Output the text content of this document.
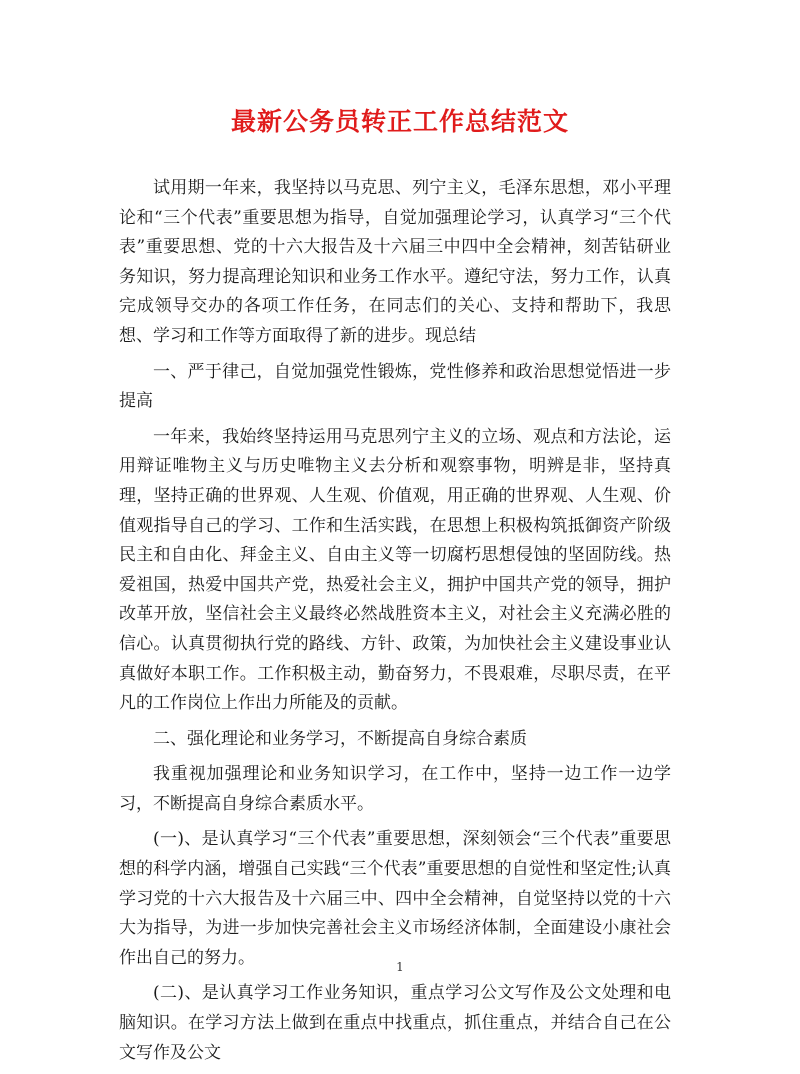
最新公务员转正工作总结范文

试用期一年来，我坚持以马克思、列宁主义，毛泽东思想，邓小平理论和“三个代表”重要思想为指导，自觉加强理论学习，认真学习“三个代表”重要思想、党的十六大报告及十六届三中四中全会精神，刻苦钻研业务知识，努力提高理论知识和业务工作水平。遵纪守法，努力工作，认真完成领导交办的各项工作任务，在同志们的关心、支持和帮助下，我思想、学习和工作等方面取得了新的进步。现总结

一、严于律己，自觉加强党性锻炼，党性修养和政治思想觉悟进一步提高

一年来，我始终坚持运用马克思列宁主义的立场、观点和方法论，运用辩证唯物主义与历史唯物主义去分析和观察事物，明辨是非，坚持真理，坚持正确的世界观、人生观、价值观，用正确的世界观、人生观、价值观指导自己的学习、工作和生活实践，在思想上积极构筑抵御资产阶级民主和自由化、拜金主义、自由主义等一切腐朽思想侵蚀的坚固防线。热爱祖国，热爱中国共产党，热爱社会主义，拥护中国共产党的领导，拥护改革开放，坚信社会主义最终必然战胜资本主义，对社会主义充满必胜的信心。认真贯彻执行党的路线、方针、政策，为加快社会主义建设事业认真做好本职工作。工作积极主动，勤奋努力，不畏艰难，尽职尽责，在平凡的工作岗位上作出力所能及的贡献。

二、强化理论和业务学习，不断提高自身综合素质

我重视加强理论和业务知识学习，在工作中，坚持一边工作一边学习，不断提高自身综合素质水平。

(一)、是认真学习“三个代表”重要思想，深刻领会“三个代表”重要思想的科学内涵，增强自己实践“三个代表”重要思想的自觉性和坚定性;认真学习党的十六大报告及十六届三中、四中全会精神，自觉坚持以党的十六大为指导，为进一步加快完善社会主义市场经济体制，全面建设小康社会作出自己的努力。

(二)、是认真学习工作业务知识，重点学习公文写作及公文处理和电脑知识。在学习方法上做到在重点中找重点，抓住重点，并结合自己在公文写作及公文

1
